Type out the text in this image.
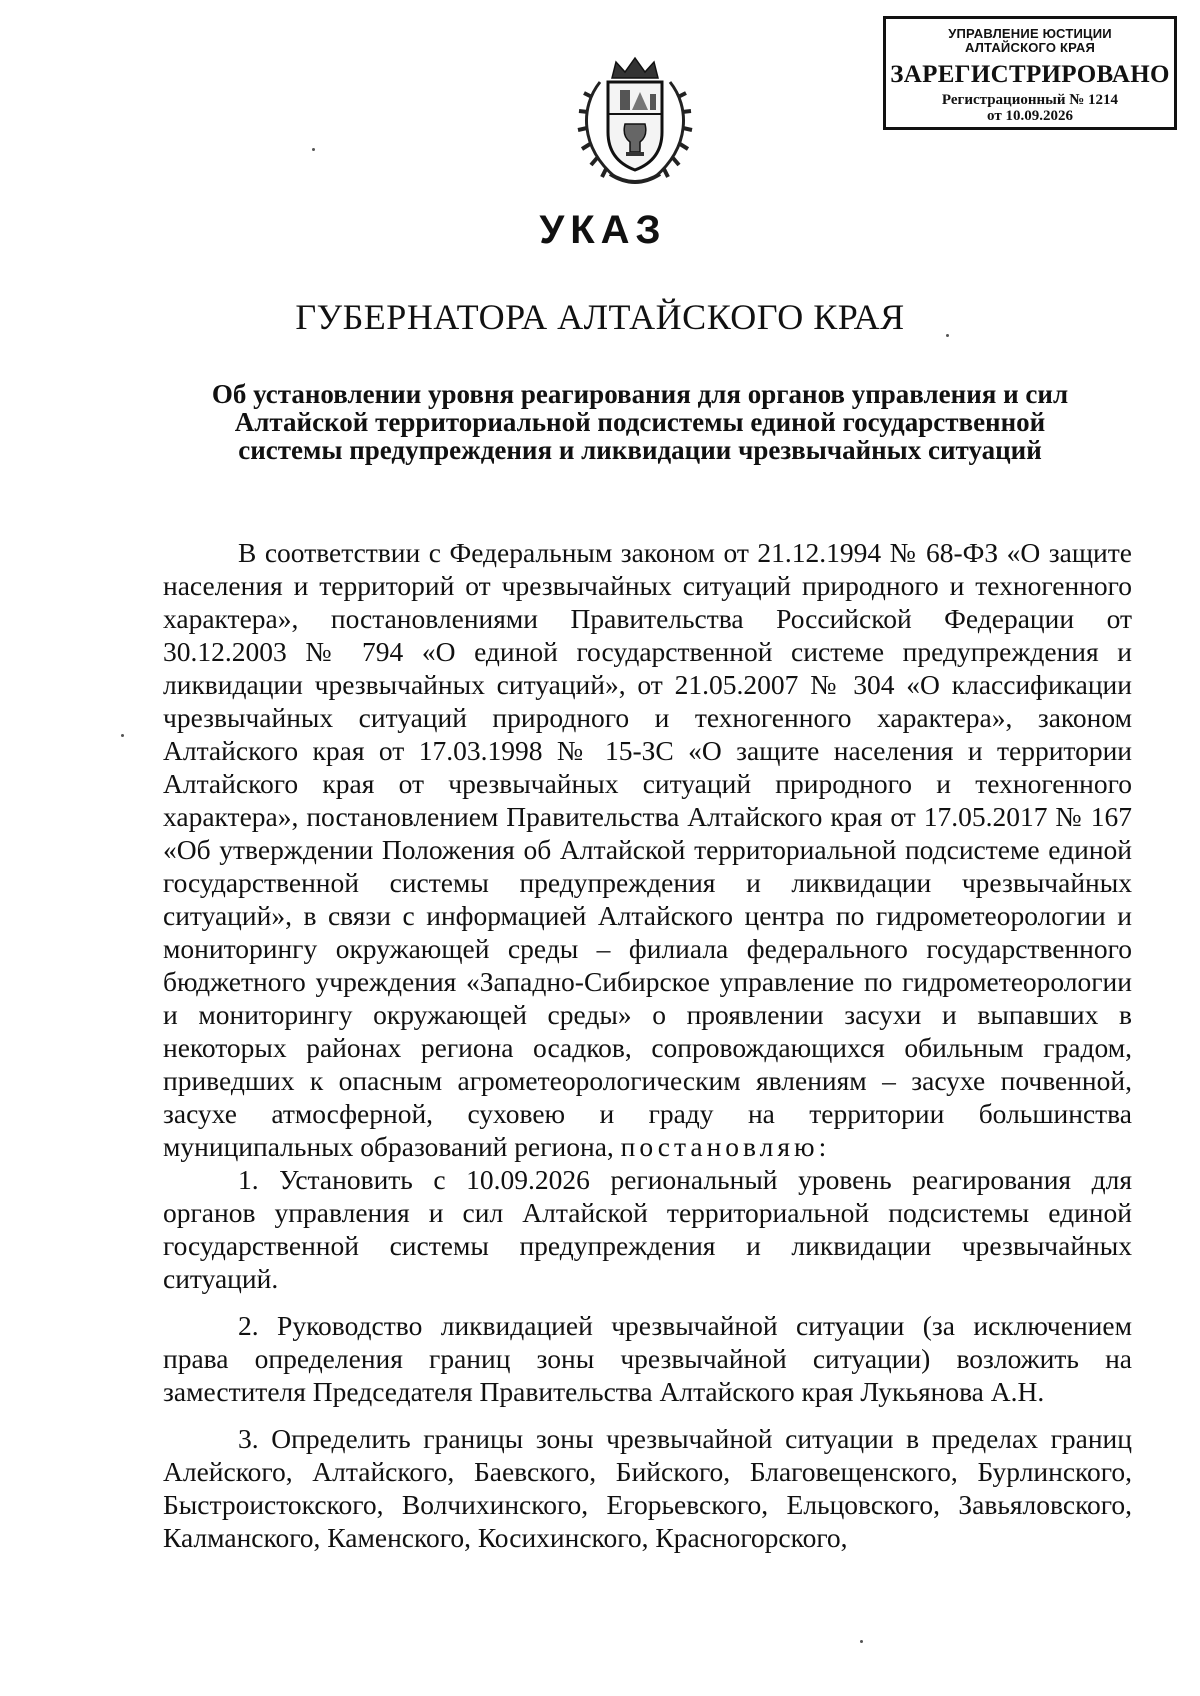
УПРАВЛЕНИЕ ЮСТИЦИИ
АЛТАЙСКОГО КРАЯ
ЗАРЕГИСТРИРОВАНО
Регистрационный № 1214
от 10.09.2026
УКАЗ
ГУБЕРНАТОРА АЛТАЙСКОГО КРАЯ
Об установлении уровня реагирования для органов управления и сил Алтайской территориальной подсистемы единой государственной системы предупреждения и ликвидации чрезвычайных ситуаций

В соответствии с Федеральным законом от 21.12.1994 № 68-ФЗ «О защите населения и территорий от чрезвычайных ситуаций природного и техногенного характера», постановлениями Правительства Российской Федерации от 30.12.2003 № 794 «О единой государственной системе предупреждения и ликвидации чрезвычайных ситуаций», от 21.05.2007 № 304 «О классификации чрезвычайных ситуаций природного и техногенного характера», законом Алтайского края от 17.03.1998 № 15-ЗС «О защите населения и территории Алтайского края от чрезвычайных ситуаций природного и техногенного характера», постановлением Правительства Алтайского края от 17.05.2017 № 167 «Об утверждении Положения об Алтайской территориальной подсистеме единой государственной системы предупреждения и ликвидации чрезвычайных ситуаций», в связи с информацией Алтайского центра по гидрометеорологии и мониторингу окружающей среды – филиала федерального государственного бюджетного учреждения «Западно-Сибирское управление по гидрометеорологии и мониторингу окружающей среды» о проявлении засухи и выпавших в некоторых районах региона осадков, сопровождающихся обильным градом, приведших к опасным агрометеорологическим явлениям – засухе почвенной, засухе атмосферной, суховею и граду на территории большинства муниципальных образований региона, постановляю:

1. Установить с 10.09.2026 региональный уровень реагирования для органов управления и сил Алтайской территориальной подсистемы единой государственной системы предупреждения и ликвидации чрезвычайных ситуаций.

2. Руководство ликвидацией чрезвычайной ситуации (за исключением права определения границ зоны чрезвычайной ситуации) возложить на заместителя Председателя Правительства Алтайского края Лукьянова А.Н.

3. Определить границы зоны чрезвычайной ситуации в пределах границ Алейского, Алтайского, Баевского, Бийского, Благовещенского, Бурлинского, Быстроистокского, Волчихинского, Егорьевского, Ельцовского, Завьяловского, Калманского, Каменского, Косихинского, Красногорского,
